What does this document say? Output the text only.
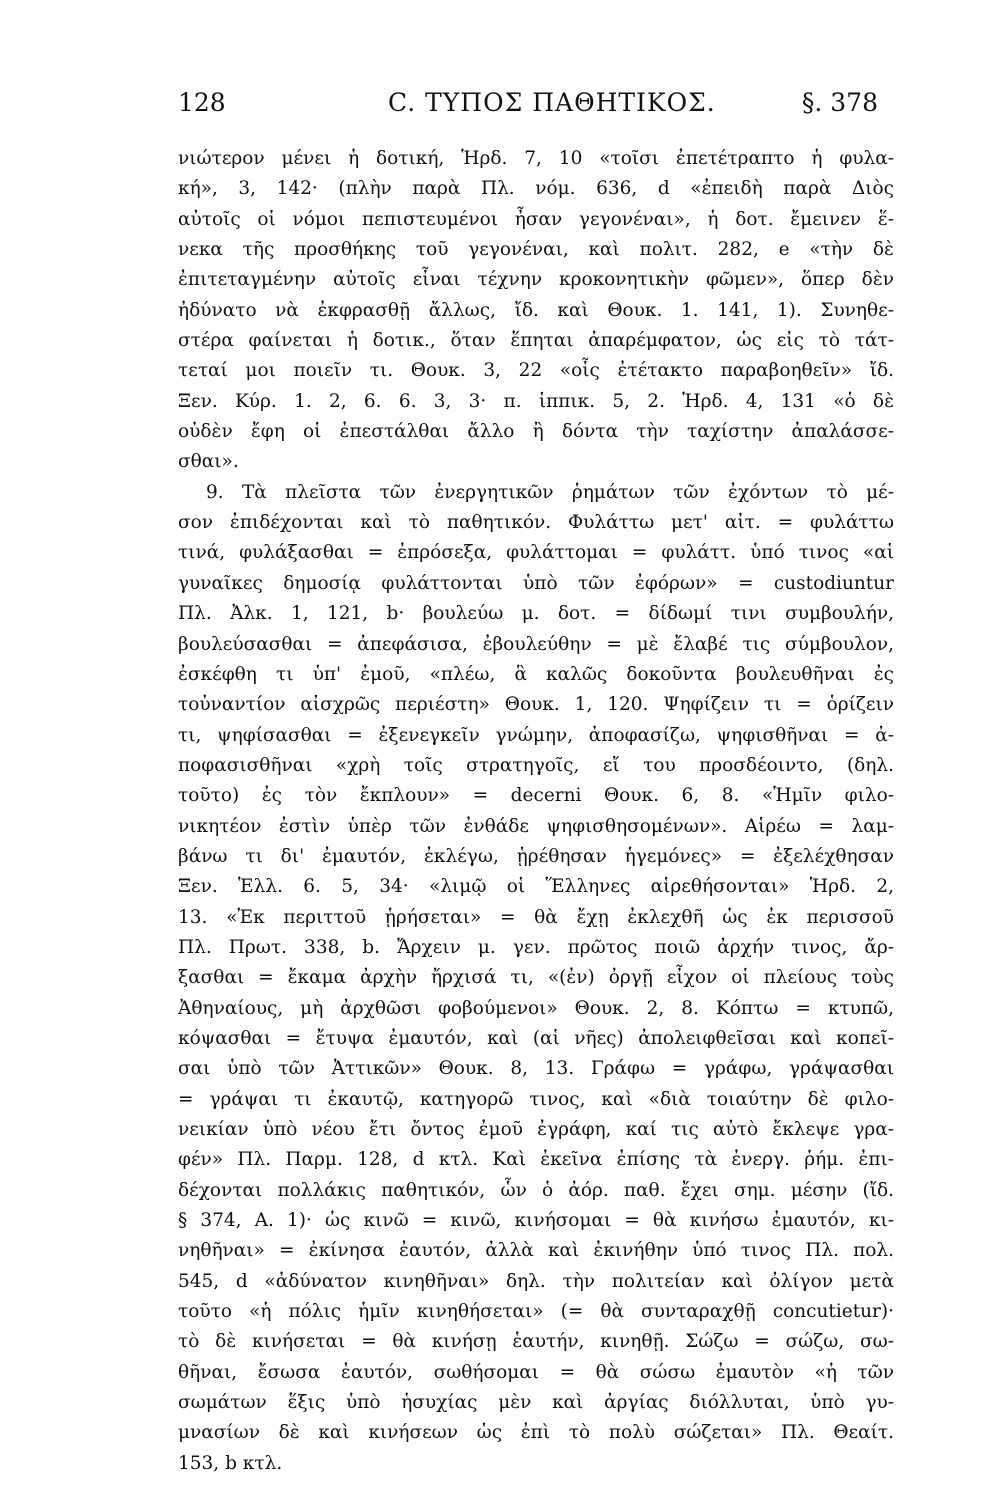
128	C. ΤΥΠΟΣ ΠΑΘΗΤΙΚΟΣ.	§. 378
νιώτερον μένει ἡ δοτική, Ἡρδ. 7, 10 «τοῖσι ἐπετέτραπτο ἡ φυλα-
κή», 3, 142· (πλὴν παρὰ Πλ. νόμ. 636, d «ἐπειδὴ παρὰ Διὸς
αὐτοῖς οἱ νόμοι πεπιστευμένοι ἦσαν γεγονέναι», ἡ δοτ. ἔμεινεν ἕ-
νεκα τῆς προσθήκης τοῦ γεγονέναι, καὶ πολιτ. 282, e «τὴν δὲ
ἐπιτεταγμένην αὐτοῖς εἶναι τέχνην κροκονητικὴν φῶμεν», ὅπερ δὲν
ἠδύνατο νὰ ἐκφρασθῇ ἄλλως, ἴδ. καὶ Θουκ. 1. 141, 1). Συνηθε-
στέρα φαίνεται ἡ δοτικ., ὅταν ἕπηται ἀπαρέμφατον, ὡς εἰς τὸ τάτ-
τεταί μοι ποιεῖν τι. Θουκ. 3, 22 «οἷς ἐτέτακτο παραβοηθεῖν» ἴδ.
Ξεν. Κύρ. 1. 2, 6. 6. 3, 3· π. ἱππικ. 5, 2. Ἡρδ. 4, 131 «ὁ δὲ
οὐδὲν ἔφη οἱ ἐπεστάλθαι ἄλλο ἢ δόντα τὴν ταχίστην ἀπαλάσσε-
σθαι».
9. Τὰ πλεῖστα τῶν ἐνεργητικῶν ῥημάτων τῶν ἐχόντων τὸ μέ-
σον ἐπιδέχονται καὶ τὸ παθητικόν. Φυλάττω μετ' αἰτ. = φυλάττω
τινά, φυλάξασθαι = ἐπρόσεξα, φυλάττομαι = φυλάττ. ὑπό τινος «αἱ
γυναῖκες δημοσίᾳ φυλάττονται ὑπὸ τῶν ἐφόρων» = custodiuntur
Πλ. Ἀλκ. 1, 121, b· βουλεύω μ. δοτ. = δίδωμί τινι συμβουλήν,
βουλεύσασθαι = ἀπεφάσισα, ἐβουλεύθην = μὲ ἔλαβέ τις σύμβουλον,
ἐσκέφθη τι ὑπ' ἐμοῦ, «πλέω, ἃ καλῶς δοκοῦντα βουλευθῆναι ἐς
τοὐναντίον αἰσχρῶς περιέστη» Θουκ. 1, 120. Ψηφίζειν τι = ὁρίζειν
τι, ψηφίσασθαι = ἐξενεγκεῖν γνώμην, ἀποφασίζω, ψηφισθῆναι = ἀ-
ποφασισθῆναι «χρὴ τοῖς στρατηγοῖς, εἴ του προσδέοιντο, (δηλ.
τοῦτο) ἐς τὸν ἔκπλουν» = decerni Θουκ. 6, 8. «Ἡμῖν φιλο-
νικητέον ἐστὶν ὑπὲρ τῶν ἐνθάδε ψηφισθησομένων». Αἱρέω = λαμ-
βάνω τι δι' ἐμαυτόν, ἐκλέγω, ᾑρέθησαν ἡγεμόνες» = ἐξελέχθησαν
Ξεν. Ἑλλ. 6. 5, 34· «λιμῷ οἱ Ἕλληνες αἱρεθήσονται» Ἡρδ. 2,
13. «Ἐκ περιττοῦ ᾑρήσεται» = θὰ ἔχῃ ἐκλεχθῆ ὡς ἐκ περισσοῦ
Πλ. Πρωτ. 338, b. Ἄρχειν μ. γεν. πρῶτος ποιῶ ἀρχήν τινος, ἄρ-
ξασθαι = ἔκαμα ἀρχὴν ἤρχισά τι, «(ἐν) ὀργῇ εἶχον οἱ πλείους τοὺς
Ἀθηναίους, μὴ ἀρχθῶσι φοβούμενοι» Θουκ. 2, 8. Κόπτω = κτυπῶ,
κόψασθαι = ἔτυψα ἐμαυτόν, καὶ (αἱ νῆες) ἀπολειφθεῖσαι καὶ κοπεῖ-
σαι ὑπὸ τῶν Ἀττικῶν» Θουκ. 8, 13. Γράφω = γράφω, γράψασθαι
= γράψαι τι ἐκαυτῷ, κατηγορῶ τινος, καὶ «διὰ τοιαύτην δὲ φιλο-
νεικίαν ὑπὸ νέου ἔτι ὄντος ἐμοῦ ἐγράφη, καί τις αὐτὸ ἔκλεψε γρα-
φέν» Πλ. Παρμ. 128, d κτλ. Καὶ ἐκεῖνα ἐπίσης τὰ ἐνεργ. ῥήμ. ἐπι-
δέχονται πολλάκις παθητικόν, ὧν ὁ ἀόρ. παθ. ἔχει σημ. μέσην (ἴδ.
§ 374, A. 1)· ὡς κινῶ = κινῶ, κινήσομαι = θὰ κινήσω ἐμαυτόν, κι-
νηθῆναι» = ἐκίνησα ἐαυτόν, ἀλλὰ καὶ ἐκινήθην ὑπό τινος Πλ. πολ.
545, d «ἀδύνατον κινηθῆναι» δηλ. τὴν πολιτείαν καὶ ὀλίγον μετὰ
τοῦτο «ἡ πόλις ἡμῖν κινηθήσεται» (= θὰ συνταραχθῇ concutietur)·
τὸ δὲ κινήσεται = θὰ κινήσῃ ἑαυτήν, κινηθῇ. Σώζω = σώζω, σω-
θῆναι, ἔσωσα ἐαυτόν, σωθήσομαι = θὰ σώσω ἐμαυτὸν «ἡ τῶν
σωμάτων ἕξις ὑπὸ ἡσυχίας μὲν καὶ ἀργίας διόλλυται, ὑπὸ γυ-
μνασίων δὲ καὶ κινήσεων ὡς ἐπὶ τὸ πολὺ σώζεται» Πλ. Θεαίτ.
153, b κτλ.
